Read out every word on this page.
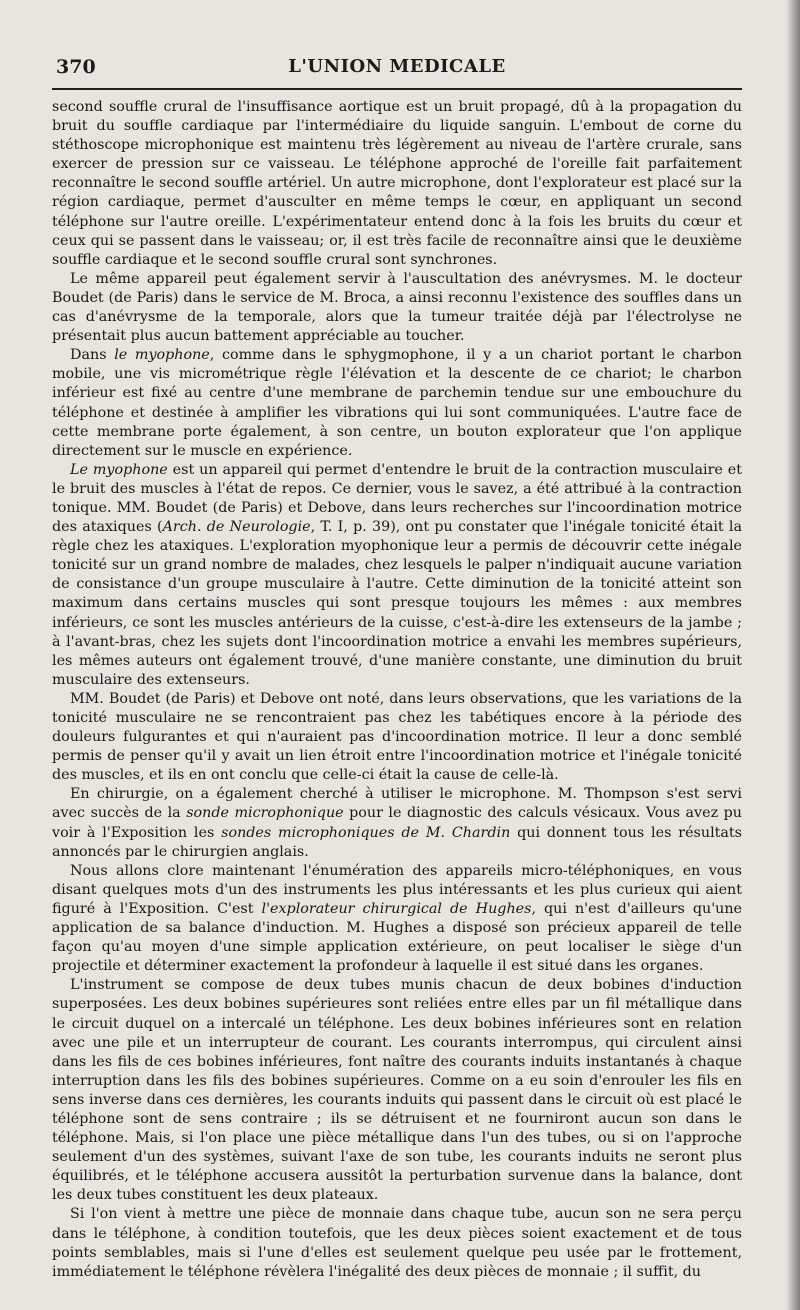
L'UNION MEDICALE
370

second souffle crural de l'insuffisance aortique est un bruit propagé, dû à la propagation du bruit du souffle cardiaque par l'intermédiaire du liquide sanguin. L'embout de corne du stéthoscope microphonique est maintenu très légèrement au niveau de l'artère crurale, sans exercer de pression sur ce vaisseau. Le téléphone approché de l'oreille fait parfaitement reconnaître le second souffle artériel. Un autre microphone, dont l'explorateur est placé sur la région cardiaque, permet d'ausculter en même temps le cœur, en appliquant un second téléphone sur l'autre oreille. L'expérimentateur entend donc à la fois les bruits du cœur et ceux qui se passent dans le vaisseau; or, il est très facile de reconnaître ainsi que le deuxième souffle cardiaque et le second souffle crural sont synchrones.

Le même appareil peut également servir à l'auscultation des anévrysmes. M. le docteur Boudet (de Paris) dans le service de M. Broca, a ainsi reconnu l'existence des souffles dans un cas d'anévrysme de la temporale, alors que la tumeur traitée déjà par l'électrolyse ne présentait plus aucun battement appréciable au toucher.

Dans le myophone, comme dans le sphygmophone, il y a un chariot portant le charbon mobile, une vis micrométrique règle l'élévation et la descente de ce chariot; le charbon inférieur est fixé au centre d'une membrane de parchemin tendue sur une embouchure du téléphone et destinée à amplifier les vibrations qui lui sont communiquées. L'autre face de cette membrane porte également, à son centre, un bouton explorateur que l'on applique directement sur le muscle en expérience.

Le myophone est un appareil qui permet d'entendre le bruit de la contraction musculaire et le bruit des muscles à l'état de repos. Ce dernier, vous le savez, a été attribué à la contraction tonique. MM. Boudet (de Paris) et Debove, dans leurs recherches sur l'incoordination motrice des ataxiques (Arch. de Neurologie, T. I, p. 39), ont pu constater que l'inégale tonicité était la règle chez les ataxiques. L'exploration myophonique leur a permis de découvrir cette inégale tonicité sur un grand nombre de malades, chez lesquels le palper n'indiquait aucune variation de consistance d'un groupe musculaire à l'autre. Cette diminution de la tonicité atteint son maximum dans certains muscles qui sont presque toujours les mêmes : aux membres inférieurs, ce sont les muscles antérieurs de la cuisse, c'est-à-dire les extenseurs de la jambe ; à l'avant-bras, chez les sujets dont l'incoordination motrice a envahi les membres supérieurs, les mêmes auteurs ont également trouvé, d'une manière constante, une diminution du bruit musculaire des extenseurs.

MM. Boudet (de Paris) et Debove ont noté, dans leurs observations, que les variations de la tonicité musculaire ne se rencontraient pas chez les tabétiques encore à la période des douleurs fulgurantes et qui n'auraient pas d'incoordination motrice. Il leur a donc semblé permis de penser qu'il y avait un lien étroit entre l'incoordination motrice et l'inégale tonicité des muscles, et ils en ont conclu que celle-ci était la cause de celle-là.

En chirurgie, on a également cherché à utiliser le microphone. M. Thompson s'est servi avec succès de la sonde microphonique pour le diagnostic des calculs vésicaux. Vous avez pu voir à l'Exposition les sondes microphoniques de M. Chardin qui donnent tous les résultats annoncés par le chirurgien anglais.

Nous allons clore maintenant l'énumération des appareils micro-téléphoniques, en vous disant quelques mots d'un des instruments les plus intéressants et les plus curieux qui aient figuré à l'Exposition. C'est l'explorateur chirurgical de Hughes, qui n'est d'ailleurs qu'une application de sa balance d'induction. M. Hughes a disposé son précieux appareil de telle façon qu'au moyen d'une simple application extérieure, on peut localiser le siège d'un projectile et déterminer exactement la profondeur à laquelle il est situé dans les organes.

L'instrument se compose de deux tubes munis chacun de deux bobines d'induction superposées. Les deux bobines supérieures sont reliées entre elles par un fil métallique dans le circuit duquel on a intercalé un téléphone. Les deux bobines inférieures sont en relation avec une pile et un interrupteur de courant. Les courants interrompus, qui circulent ainsi dans les fils de ces bobines inférieures, font naître des courants induits instantanés à chaque interruption dans les fils des bobines supérieures. Comme on a eu soin d'enrouler les fils en sens inverse dans ces dernières, les courants induits qui passent dans le circuit où est placé le téléphone sont de sens contraire ; ils se détruisent et ne fourniront aucun son dans le téléphone. Mais, si l'on place une pièce métallique dans l'un des tubes, ou si on l'approche seulement d'un des systèmes, suivant l'axe de son tube, les courants induits ne seront plus équilibrés, et le téléphone accusera aussitôt la perturbation survenue dans la balance, dont les deux tubes constituent les deux plateaux.

Si l'on vient à mettre une pièce de monnaie dans chaque tube, aucun son ne sera perçu dans le téléphone, à condition toutefois, que les deux pièces soient exactement et de tous points semblables, mais si l'une d'elles est seulement quelque peu usée par le frottement, immédiatement le téléphone révèlera l'inégalité des deux pièces de monnaie ; il suffit, du
